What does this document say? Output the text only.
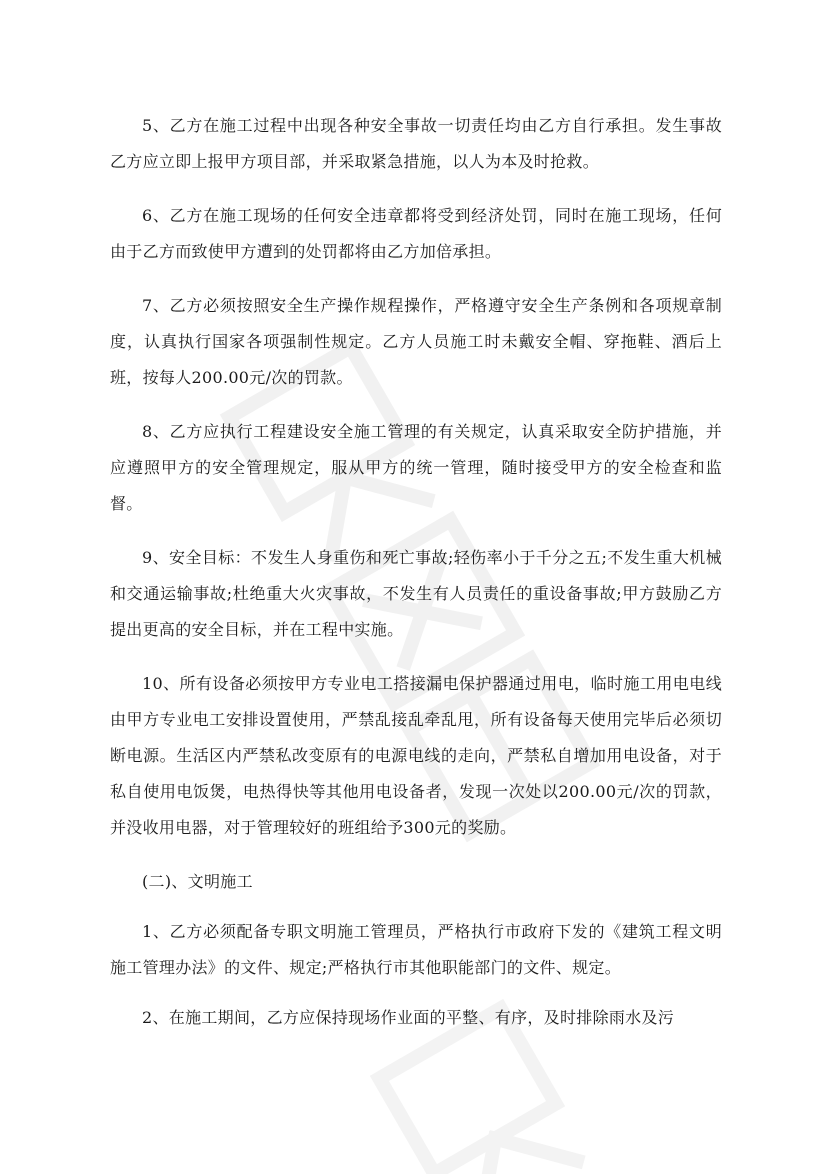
5、乙方在施工过程中出现各种安全事故一切责任均由乙方自行承担。发生事故乙方应立即上报甲方项目部，并采取紧急措施，以人为本及时抢救。

6、乙方在施工现场的任何安全违章都将受到经济处罚，同时在施工现场，任何由于乙方而致使甲方遭到的处罚都将由乙方加倍承担。

7、乙方必须按照安全生产操作规程操作，严格遵守安全生产条例和各项规章制度，认真执行国家各项强制性规定。乙方人员施工时未戴安全帽、穿拖鞋、酒后上班，按每人200.00元/次的罚款。

8、乙方应执行工程建设安全施工管理的有关规定，认真采取安全防护措施，并应遵照甲方的安全管理规定，服从甲方的统一管理，随时接受甲方的安全检查和监督。

9、安全目标：不发生人身重伤和死亡事故;轻伤率小于千分之五;不发生重大机械和交通运输事故;杜绝重大火灾事故，不发生有人员责任的重设备事故;甲方鼓励乙方提出更高的安全目标，并在工程中实施。

10、所有设备必须按甲方专业电工搭接漏电保护器通过用电，临时施工用电电线由甲方专业电工安排设置使用，严禁乱接乱牵乱甩，所有设备每天使用完毕后必须切断电源。生活区内严禁私改变原有的电源电线的走向，严禁私自增加用电设备，对于私自使用电饭煲，电热得快等其他用电设备者，发现一次处以200.00元/次的罚款，并没收用电器，对于管理较好的班组给予300元的奖励。

(二)、文明施工

1、乙方必须配备专职文明施工管理员，严格执行市政府下发的《建筑工程文明施工管理办法》的文件、规定;严格执行市其他职能部门的文件、规定。

2、在施工期间，乙方应保持现场作业面的平整、有序，及时排除雨水及污
